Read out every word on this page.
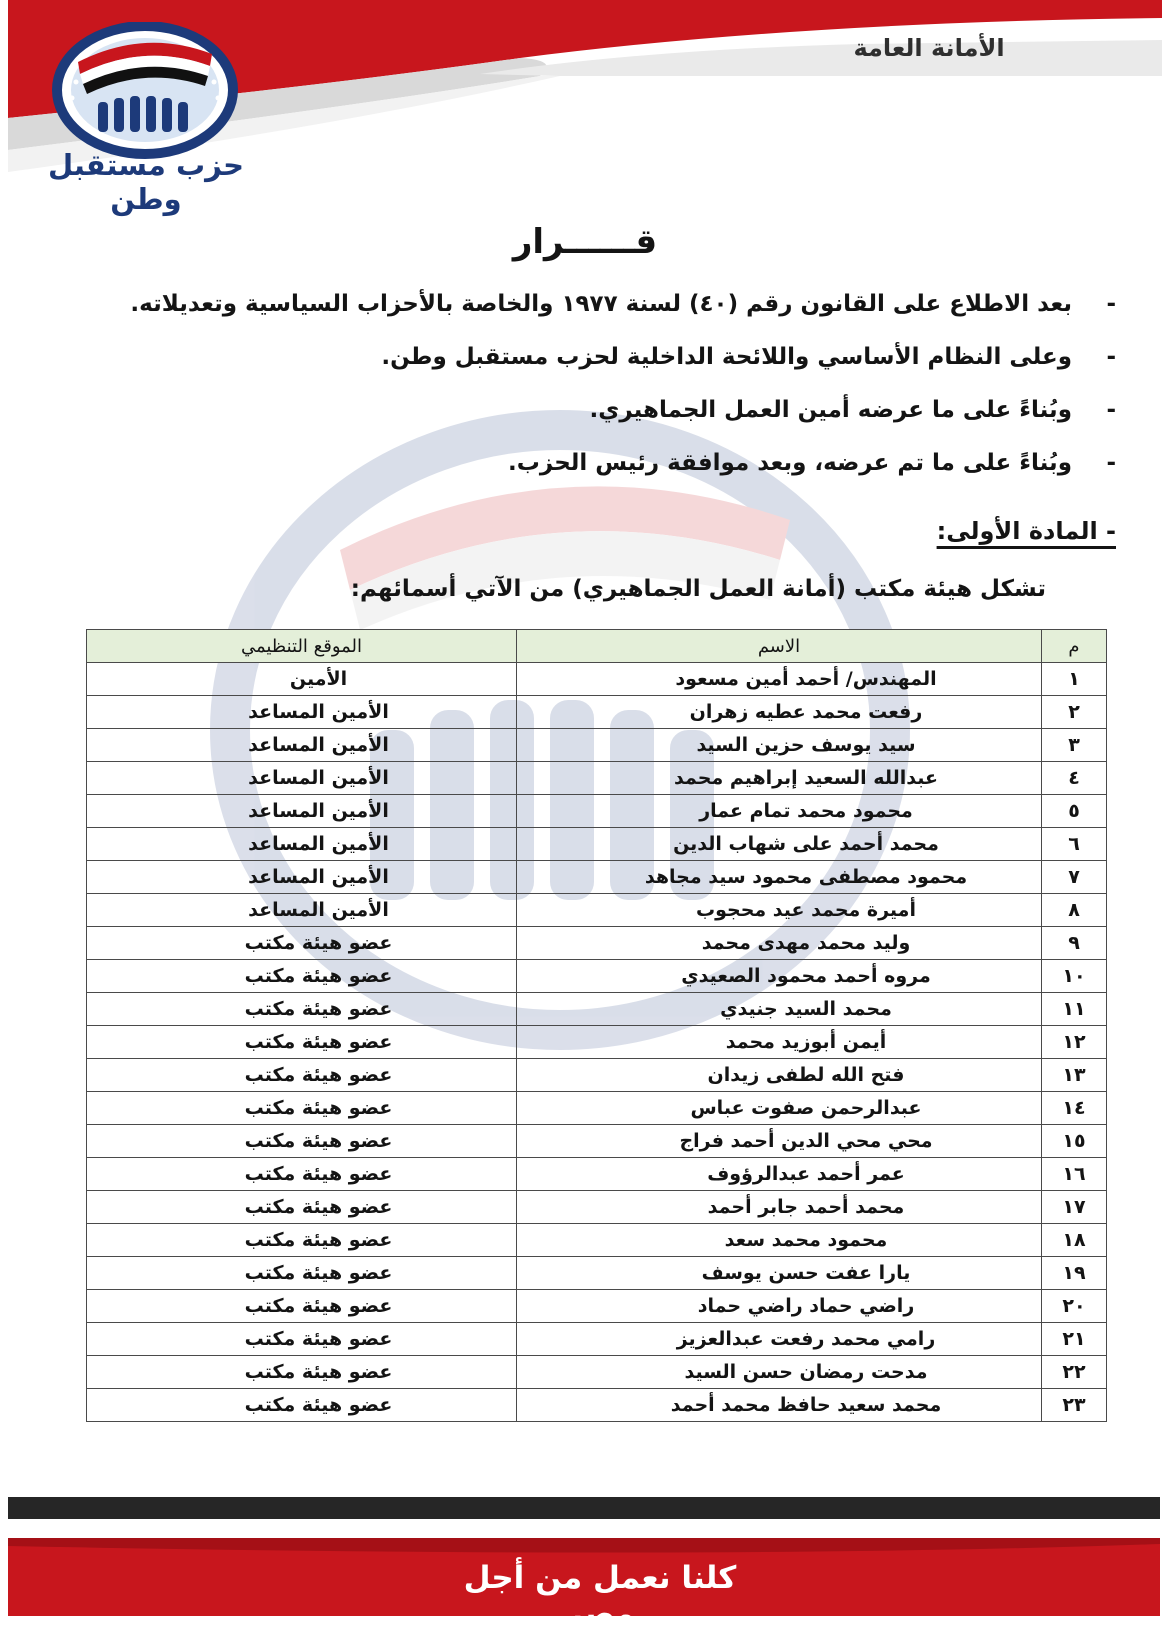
الأمانة العامة
حزب مستقبل وطن
قــــــرار
-بعد الاطلاع على القانون رقم (٤٠) لسنة ١٩٧٧ والخاصة بالأحزاب السياسية وتعديلاته.
-وعلى النظام الأساسي واللائحة الداخلية لحزب مستقبل وطن.
-وبُناءً على ما عرضه أمين العمل الجماهيري.
-وبُناءً على ما تم عرضه، وبعد موافقة رئيس الحزب.
- المادة الأولى:
تشكل هيئة مكتب (أمانة العمل الجماهيري) من الآتي أسمائهم:
م	الاسم	الموقع التنظيمي
١	المهندس/ أحمد أمين مسعود	الأمين
٢	رفعت محمد عطيه زهران	الأمين المساعد
٣	سيد يوسف حزين السيد	الأمين المساعد
٤	عبدالله السعيد إبراهيم محمد	الأمين المساعد
٥	محمود محمد تمام عمار	الأمين المساعد
٦	محمد أحمد على شهاب الدين	الأمين المساعد
٧	محمود مصطفى محمود سيد مجاهد	الأمين المساعد
٨	أميرة محمد عيد محجوب	الأمين المساعد
٩	وليد محمد مهدى محمد	عضو هيئة مكتب
١٠	مروه أحمد محمود الصعيدي	عضو هيئة مكتب
١١	محمد السيد جنيدي	عضو هيئة مكتب
١٢	أيمن أبوزيد محمد	عضو هيئة مكتب
١٣	فتح الله لطفى زيدان	عضو هيئة مكتب
١٤	عبدالرحمن صفوت عباس	عضو هيئة مكتب
١٥	محي محي الدين أحمد فراج	عضو هيئة مكتب
١٦	عمر أحمد عبدالرؤوف	عضو هيئة مكتب
١٧	محمد أحمد جابر أحمد	عضو هيئة مكتب
١٨	محمود محمد سعد	عضو هيئة مكتب
١٩	يارا عفت حسن يوسف	عضو هيئة مكتب
٢٠	راضي حماد راضي حماد	عضو هيئة مكتب
٢١	رامي محمد رفعت عبدالعزيز	عضو هيئة مكتب
٢٢	مدحت رمضان حسن السيد	عضو هيئة مكتب
٢٣	محمد سعيد حافظ محمد أحمد	عضو هيئة مكتب
كلنا نعمل من أجل مصر
